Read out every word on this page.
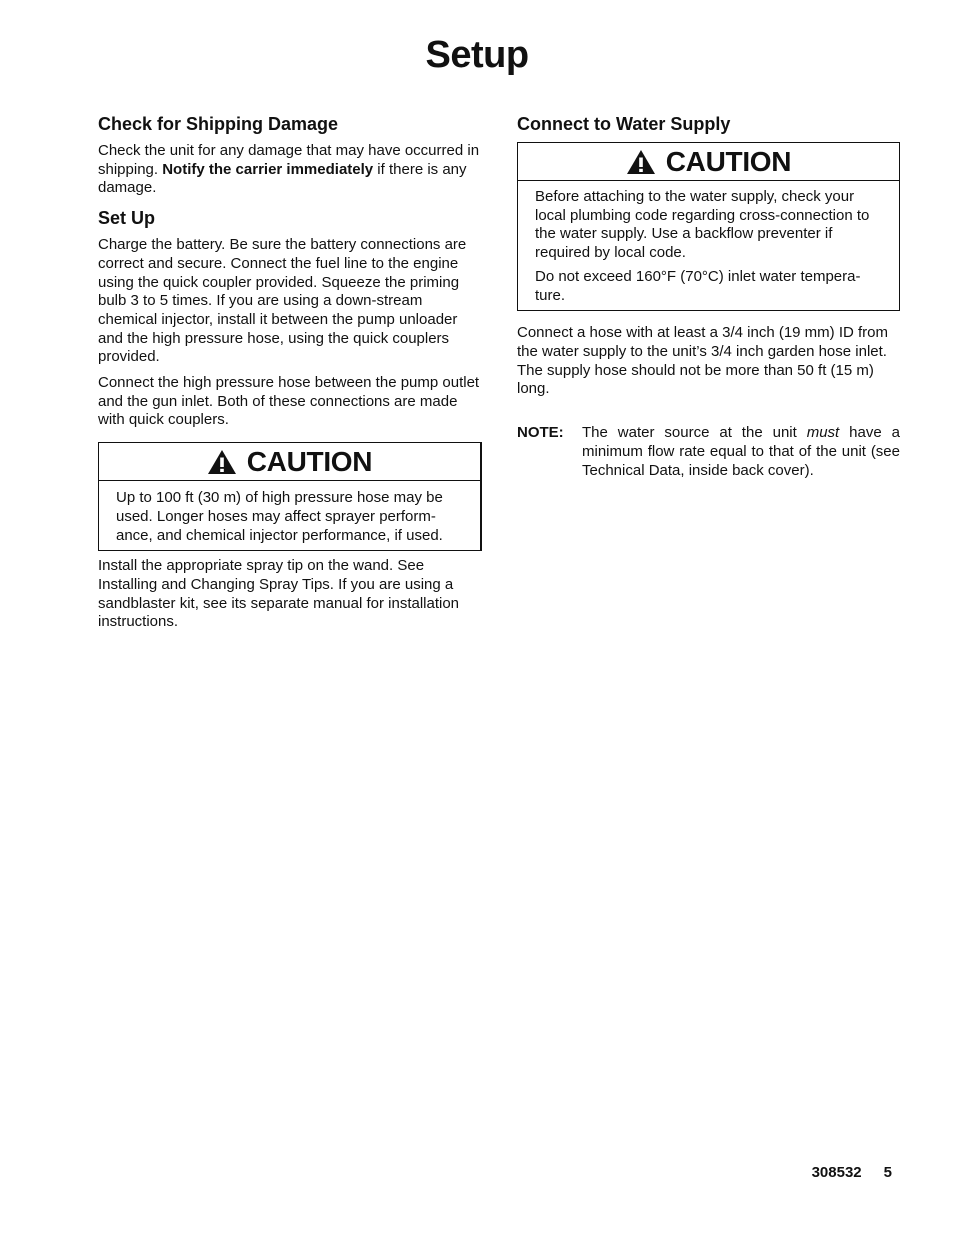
Setup
Check for Shipping Damage

Check the unit for any damage that may have occurred in shipping. Notify the carrier immediately if there is any damage.

Set Up

Charge the battery. Be sure the battery connections are correct and secure. Connect the fuel line to the engine using the quick coupler provided. Squeeze the priming bulb 3 to 5 times. If you are using a down-stream chemical injector, install it between the pump unloader and the high pressure hose, using the quick couplers provided.

Connect the high pressure hose between the pump outlet and the gun inlet. Both of these connections are made with quick couplers.

CAUTION

Up to 100 ft (30 m) of high pressure hose may be used. Longer hoses may affect sprayer perform-ance, and chemical injector performance, if used.

Install the appropriate spray tip on the wand. See Installing and Changing Spray Tips. If you are using a sandblaster kit, see its separate manual for installation instructions.

Connect to Water Supply
CAUTION

Before attaching to the water supply, check your local plumbing code regarding cross-connection to the water supply. Use a backflow preventer if required by local code.

Do not exceed 160°F (70°C) inlet water tempera-ture.

Connect a hose with at least a 3/4 inch (19 mm) ID from the water supply to the unit’s 3/4 inch garden hose inlet. The supply hose should not be more than 50 ft (15 m) long.

NOTE:	The water source at the unit must have a minimum flow rate equal to that of the unit (see Technical Data, inside back cover).
308532 5
